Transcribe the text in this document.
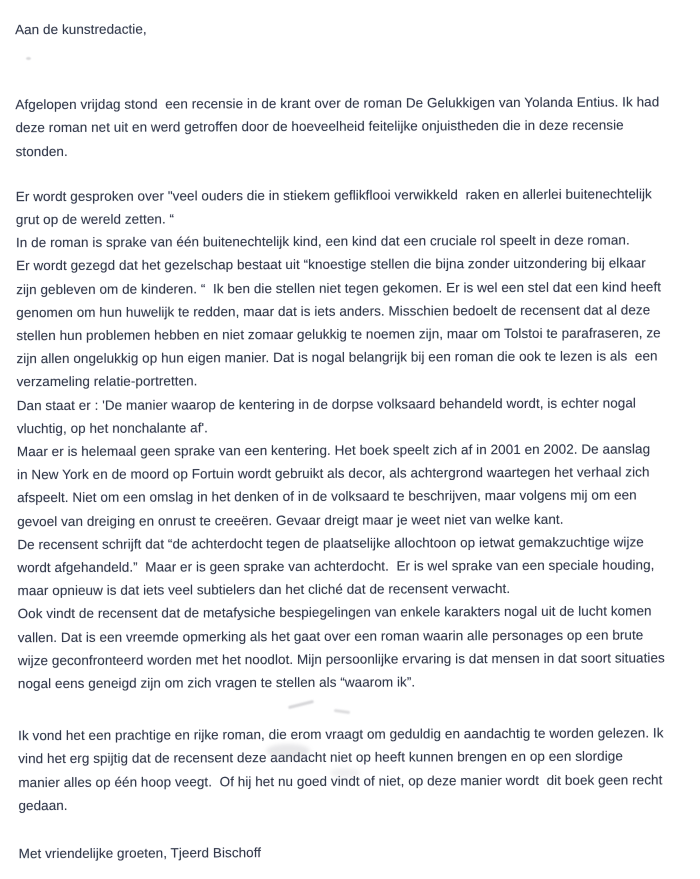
Aan de kunstredactie,
Afgelopen vrijdag stond  een recensie in de krant over de roman De Gelukkigen van Yolanda Entius. Ik had
deze roman net uit en werd getroffen door de hoeveelheid feitelijke onjuistheden die in deze recensie
stonden.
Er wordt gesproken over "veel ouders die in stiekem geflikflooi verwikkeld  raken en allerlei buitenechtelijk
grut op de wereld zetten. “
In de roman is sprake van één buitenechtelijk kind, een kind dat een cruciale rol speelt in deze roman.
Er wordt gezegd dat het gezelschap bestaat uit “knoestige stellen die bijna zonder uitzondering bij elkaar
zijn gebleven om de kinderen. “  Ik ben die stellen niet tegen gekomen. Er is wel een stel dat een kind heeft
genomen om hun huwelijk te redden, maar dat is iets anders. Misschien bedoelt de recensent dat al deze
stellen hun problemen hebben en niet zomaar gelukkig te noemen zijn, maar om Tolstoi te parafraseren, ze
zijn allen ongelukkig op hun eigen manier. Dat is nogal belangrijk bij een roman die ook te lezen is als  een
verzameling relatie-portretten.
Dan staat er : 'De manier waarop de kentering in de dorpse volksaard behandeld wordt, is echter nogal
vluchtig, op het nonchalante af'.
Maar er is helemaal geen sprake van een kentering. Het boek speelt zich af in 2001 en 2002. De aanslag
in New York en de moord op Fortuin wordt gebruikt als decor, als achtergrond waartegen het verhaal zich
afspeelt. Niet om een omslag in het denken of in de volksaard te beschrijven, maar volgens mij om een
gevoel van dreiging en onrust te creeëren. Gevaar dreigt maar je weet niet van welke kant.
De recensent schrijft dat “de achterdocht tegen de plaatselijke allochtoon op ietwat gemakzuchtige wijze
wordt afgehandeld.”  Maar er is geen sprake van achterdocht.  Er is wel sprake van een speciale houding,
maar opnieuw is dat iets veel subtielers dan het cliché dat de recensent verwacht.
Ook vindt de recensent dat de metafysiche bespiegelingen van enkele karakters nogal uit de lucht komen
vallen. Dat is een vreemde opmerking als het gaat over een roman waarin alle personages op een brute
wijze geconfronteerd worden met het noodlot. Mijn persoonlijke ervaring is dat mensen in dat soort situaties
nogal eens geneigd zijn om zich vragen te stellen als “waarom ik”.
Ik vond het een prachtige en rijke roman, die erom vraagt om geduldig en aandachtig te worden gelezen. Ik
vind het erg spijtig dat de recensent deze aandacht niet op heeft kunnen brengen en op een slordige
manier alles op één hoop veegt.  Of hij het nu goed vindt of niet, op deze manier wordt  dit boek geen recht
gedaan.
Met vriendelijke groeten, Tjeerd Bischoff
